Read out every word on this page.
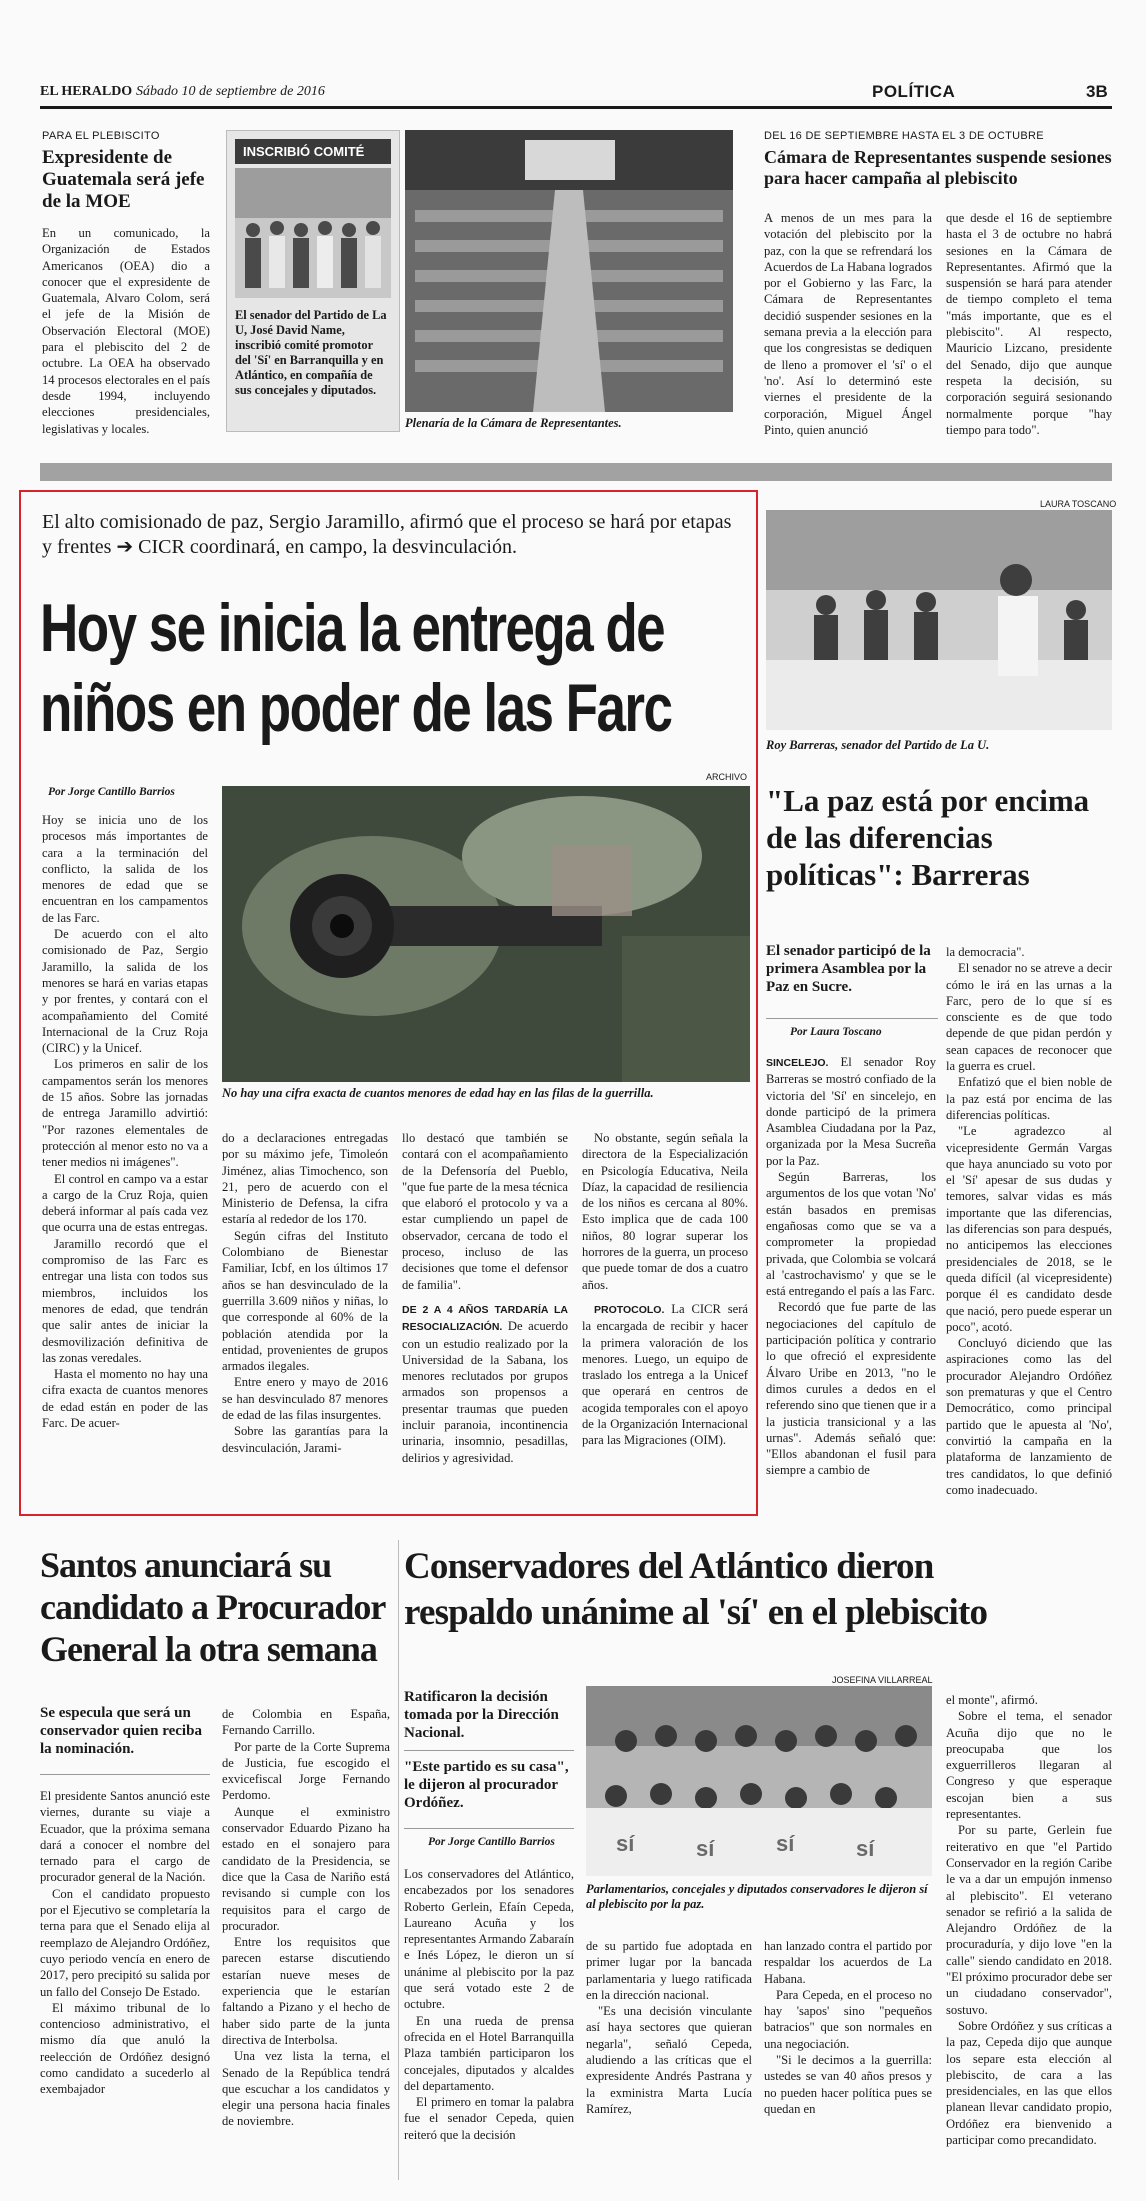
EL HERALDO Sábado 10 de septiembre de 2016	POLÍTICA	3B
PARA EL PLEBISCITO
Expresidente de Guatemala será jefe de la MOE

En un comunicado, la Organización de Estados Americanos (OEA) dio a conocer que el expresidente de Guatemala, Alvaro Colom, será el jefe de la Misión de Observación Electoral (MOE) para el plebiscito del 2 de octubre. La OEA ha observado 14 procesos electorales en el país desde 1994, incluyendo elecciones presidenciales, legislativas y locales.

INSCRIBIÓ COMITÉ
El senador del Partido de La U, José David Name, inscribió comité promotor del 'Sí' en Barranquilla y en Atlántico, en compañía de sus concejales y diputados.
Plenaría de la Cámara de Representantes.
DEL 16 DE SEPTIEMBRE HASTA EL 3 DE OCTUBRE
Cámara de Representantes suspende sesiones para hacer campaña al plebiscito

A menos de un mes para la votación del plebiscito por la paz, con la que se refrendará los Acuerdos de La Habana logrados por el Gobierno y las Farc, la Cámara de Representantes decidió suspender sesiones en la semana previa a la elección para que los congresistas se dediquen de lleno a promover el 'sí' o el 'no'. Así lo determinó este viernes el presidente de la corporación, Miguel Ángel Pinto, quien anunció

que desde el 16 de septiembre hasta el 3 de octubre no habrá sesiones en la Cámara de Representantes. Afirmó que la suspensión se hará para atender de tiempo completo el tema "más importante, que es el plebiscito". Al respecto, Mauricio Lizcano, presidente del Senado, dijo que aunque respeta la decisión, su corporación seguirá sesionando normalmente porque "hay tiempo para todo".

El alto comisionado de paz, Sergio Jaramillo, afirmó que el proceso se hará por etapas y frentes ➔ CICR coordinará, en campo, la desvinculación.
Hoy se inicia la entrega de
niños en poder de las Farc
Por Jorge Cantillo Barrios
ARCHIVO
No hay una cifra exacta de cuantos menores de edad hay en las filas de la guerrilla.

Hoy se inicia uno de los procesos más importantes de cara a la terminación del conflicto, la salida de los menores de edad que se encuentran en los campamentos de las Farc.

De acuerdo con el alto comisionado de Paz, Sergio Jaramillo, la salida de los menores se hará en varias etapas y por frentes, y contará con el acompañamiento del Comité Internacional de la Cruz Roja (CIRC) y la Unicef.

Los primeros en salir de los campamentos serán los menores de 15 años. Sobre las jornadas de entrega Jaramillo advirtió: "Por razones elementales de protección al menor esto no va a tener medios ni imágenes".

El control en campo va a estar a cargo de la Cruz Roja, quien deberá informar al país cada vez que ocurra una de estas entregas.

Jaramillo recordó que el compromiso de las Farc es entregar una lista con todos sus miembros, incluidos los menores de edad, que tendrán que salir antes de iniciar la desmovilización definitiva de las zonas veredales.

Hasta el momento no hay una cifra exacta de cuantos menores de edad están en poder de las Farc. De acuer-

do a declaraciones entregadas por su máximo jefe, Timoleón Jiménez, alias Timochenco, son 21, pero de acuerdo con el Ministerio de Defensa, la cifra estaría al rededor de los 170.

Según cifras del Instituto Colombiano de Bienestar Familiar, Icbf, en los últimos 17 años se han desvinculado de la guerrilla 3.609 niños y niñas, lo que corresponde al 60% de la población atendida por la entidad, provenientes de grupos armados ilegales.

Entre enero y mayo de 2016 se han desvinculado 87 menores de edad de las filas insurgentes.

Sobre las garantías para la desvinculación, Jarami-

llo destacó que también se contará con el acompañamiento de la Defensoría del Pueblo, "que fue parte de la mesa técnica que elaboró el protocolo y va a estar cumpliendo un papel de observador, cercana de todo el proceso, incluso de las decisiones que tome el defensor de familia".

DE 2 A 4 AÑOS TARDARÍA LA RESOCIALIZACIÓN. De acuerdo con un estudio realizado por la Universidad de la Sabana, los menores reclutados por grupos armados son propensos a presentar traumas que pueden incluir paranoia, incontinencia urinaria, insomnio, pesadillas, delirios y agresividad.

No obstante, según señala la directora de la Especialización en Psicología Educativa, Neila Díaz, la capacidad de resiliencia de los niños es cercana al 80%. Esto implica que de cada 100 niños, 80 lograr superar los horrores de la guerra, un proceso que puede tomar de dos a cuatro años.

PROTOCOLO. La CICR será la encargada de recibir y hacer la primera valoración de los menores. Luego, un equipo de traslado los entrega a la Unicef que operará en centros de acogida temporales con el apoyo de la Organización Internacional para las Migraciones (OIM).

LAURA TOSCANO
Roy Barreras, senador del Partido de La U.
"La paz está por encima de las diferencias políticas": Barreras
El senador participó de la primera Asamblea por la Paz en Sucre.
Por Laura Toscano

SINCELEJO. El senador Roy Barreras se mostró confiado de la victoria del 'Sí' en sincelejo, en donde participó de la primera Asamblea Ciudadana por la Paz, organizada por la Mesa Sucreña por la Paz.

Según Barreras, los argumentos de los que votan 'No' están basados en premisas engañosas como que se va a comprometer la propiedad privada, que Colombia se volcará al 'castrochavismo' y que se le está entregando el país a las Farc.

Recordó que fue parte de las negociaciones del capítulo de participación política y contrario lo que ofreció el expresidente Álvaro Uribe en 2013, "no le dimos curules a dedos en el referendo sino que tienen que ir a la justicia transicional y a las urnas". Además señaló que: "Ellos abandonan el fusil para siempre a cambio de

la democracia".

El senador no se atreve a decir cómo le irá en las urnas a la Farc, pero de lo que sí es consciente es de que todo depende de que pidan perdón y sean capaces de reconocer que la guerra es cruel.

Enfatizó que el bien noble de la paz está por encima de las diferencias políticas.

"Le agradezco al vicepresidente Germán Vargas que haya anunciado su voto por el 'Sí' apesar de sus dudas y temores, salvar vidas es más importante que las diferencias, las diferencias son para después, no anticipemos las elecciones presidenciales de 2018, se le queda difícil (al vicepresidente) porque él es candidato desde que nació, pero puede esperar un poco", acotó.

Concluyó diciendo que las aspiraciones como las del procurador Alejandro Ordóñez son prematuras y que el Centro Democrático, como principal partido que le apuesta al 'No', convirtió la campaña en la plataforma de lanzamiento de tres candidatos, lo que definió como inadecuado.

Santos anunciará su candidato a Procurador General la otra semana
Se especula que será un conservador quien reciba la nominación.

El presidente Santos anunció este viernes, durante su viaje a Ecuador, que la próxima semana dará a conocer el nombre del ternado para el cargo de procurador general de la Nación.

Con el candidato propuesto por el Ejecutivo se completaría la terna para que el Senado elija al reemplazo de Alejandro Ordóñez, cuyo periodo vencía en enero de 2017, pero precipitó su salida por un fallo del Consejo De Estado.

El máximo tribunal de lo contencioso administrativo, el mismo día que anuló la reelección de Ordóñez designó como candidato a sucederlo al exembajador

de Colombia en España, Fernando Carrillo.

Por parte de la Corte Suprema de Justicia, fue escogido el exvicefiscal Jorge Fernando Perdomo.

Aunque el exministro conservador Eduardo Pizano ha estado en el sonajero para candidato de la Presidencia, se dice que la Casa de Nariño está revisando si cumple con los requisitos para el cargo de procurador.

Entre los requisitos que parecen estarse discutiendo estarían nueve meses de experiencia que le estarían faltando a Pizano y el hecho de haber sido parte de la junta directiva de Interbolsa.

Una vez lista la terna, el Senado de la República tendrá que escuchar a los candidatos y elegir una persona hacia finales de noviembre.

Conservadores del Atlántico dieron
respaldo unánime al 'sí' en el plebiscito
Ratificaron la decisión tomada por la Dirección Nacional.
"Este partido es su casa", le dijeron al procurador Ordóñez.
Por Jorge Cantillo Barrios
JOSEFINA VILLARREAL
sí	sí	sí	sí
Parlamentarios, concejales y diputados conservadores le dijeron sí al plebiscito por la paz.

Los conservadores del Atlántico, encabezados por los senadores Roberto Gerlein, Efaín Cepeda, Laureano Acuña y los representantes Armando Zabaraín e Inés López, le dieron un sí unánime al plebiscito por la paz que será votado este 2 de octubre.

En una rueda de prensa ofrecida en el Hotel Barranquilla Plaza también participaron los concejales, diputados y alcaldes del departamento.

El primero en tomar la palabra fue el senador Cepeda, quien reiteró que la decisión

de su partido fue adoptada en primer lugar por la bancada parlamentaria y luego ratificada en la dirección nacional.

"Es una decisión vinculante así haya sectores que quieran negarla", señaló Cepeda, aludiendo a las críticas que el expresidente Andrés Pastrana y la exministra Marta Lucía Ramírez,

han lanzado contra el partido por respaldar los acuerdos de La Habana.

Para Cepeda, en el proceso no hay 'sapos' sino "pequeños batracios" que son normales en una negociación.

"Si le decimos a la guerrilla: ustedes se van 40 años presos y no pueden hacer política pues se quedan en

el monte", afirmó.

Sobre el tema, el senador Acuña dijo que no le preocupaba que los exguerrilleros llegaran al Congreso y que esperaque escojan bien a sus representantes.

Por su parte, Gerlein fue reiterativo en que "el Partido Conservador en la región Caribe le va a dar un empujón inmenso al plebiscito". El veterano senador se refirió a la salida de Alejandro Ordóñez de la procuraduría, y dijo love "en la calle" siendo candidato en 2018. "El próximo procurador debe ser un ciudadano conservador", sostuvo.

Sobre Ordóñez y sus críticas a la paz, Cepeda dijo que aunque los separe esta elección al plebiscito, de cara a las presidenciales, en las que ellos planean llevar candidato propio, Ordóñez era bienvenido a participar como precandidato.
